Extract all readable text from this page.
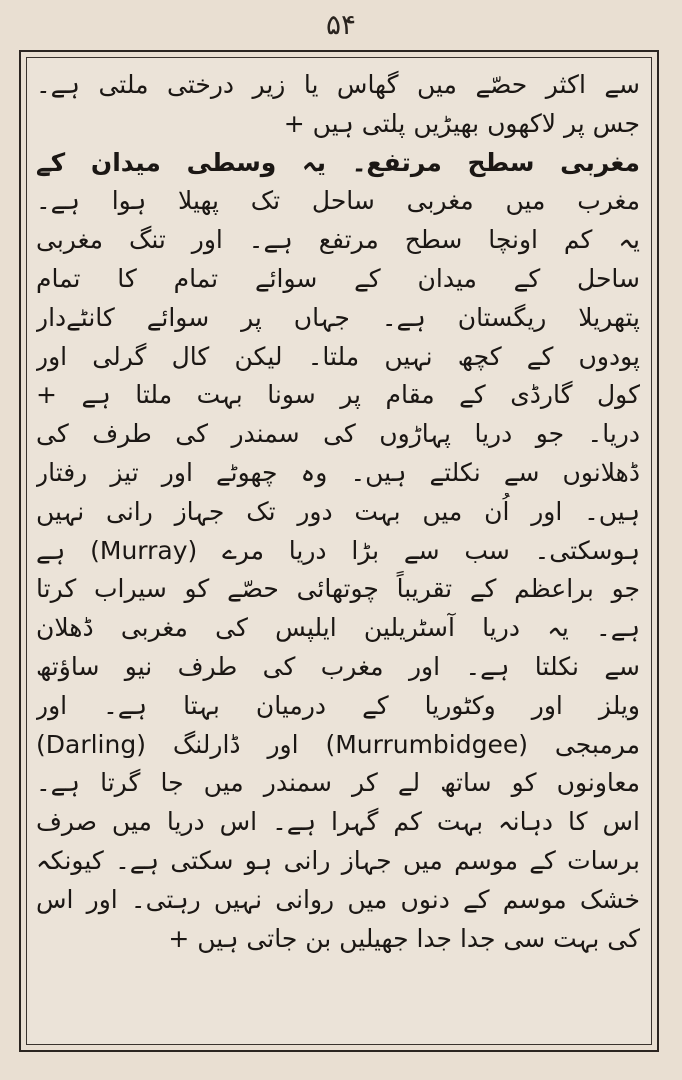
۵۴
سے اکثر حصّے میں گھاس یا زیر درختی ملتی ہے۔
جس پر لاکھوں بھیڑیں پلتی ہیں +
مغربی سطح مرتفع۔ یہ وسطی میدان کے
مغرب میں مغربی ساحل تک پھیلا ہوا ہے۔
یہ کم اونچا سطح مرتفع ہے۔ اور تنگ مغربی
ساحل کے میدان کے سوائے تمام کا تمام
پتھریلا ریگستان ہے۔ جہاں پر سوائے کانٹےدار
پودوں کے کچھ نہیں ملتا۔ لیکن کال گرلی اور
کول گارڈی کے مقام پر سونا بہت ملتا ہے +
دریا۔ جو دریا پہاڑوں کی سمندر کی طرف کی
ڈھلانوں سے نکلتے ہیں۔ وہ چھوٹے اور تیز رفتار
ہیں۔ اور اُن میں بہت دور تک جہاز رانی نہیں
ہوسکتی۔ سب سے بڑا دریا مرے (Murray) ہے
جو براعظم کے تقریباً چوتھائی حصّے کو سیراب کرتا
ہے۔ یہ دریا آسٹریلین ایلپس کی مغربی ڈھلان
سے نکلتا ہے۔ اور مغرب کی طرف نیو ساؤتھ
ویلز اور وکٹوریا کے درمیان بہتا ہے۔ اور
مرمبجی (Murrumbidgee) اور ڈارلنگ (Darling)
معاونوں کو ساتھ لے کر سمندر میں جا گرتا ہے۔
اس کا دہانہ بہت کم گہرا ہے۔ اس دریا میں صرف
برسات کے موسم میں جہاز رانی ہو سکتی ہے۔ کیونکہ
خشک موسم کے دنوں میں روانی نہیں رہتی۔ اور اس
کی بہت سی جدا جدا جھیلیں بن جاتی ہیں +
